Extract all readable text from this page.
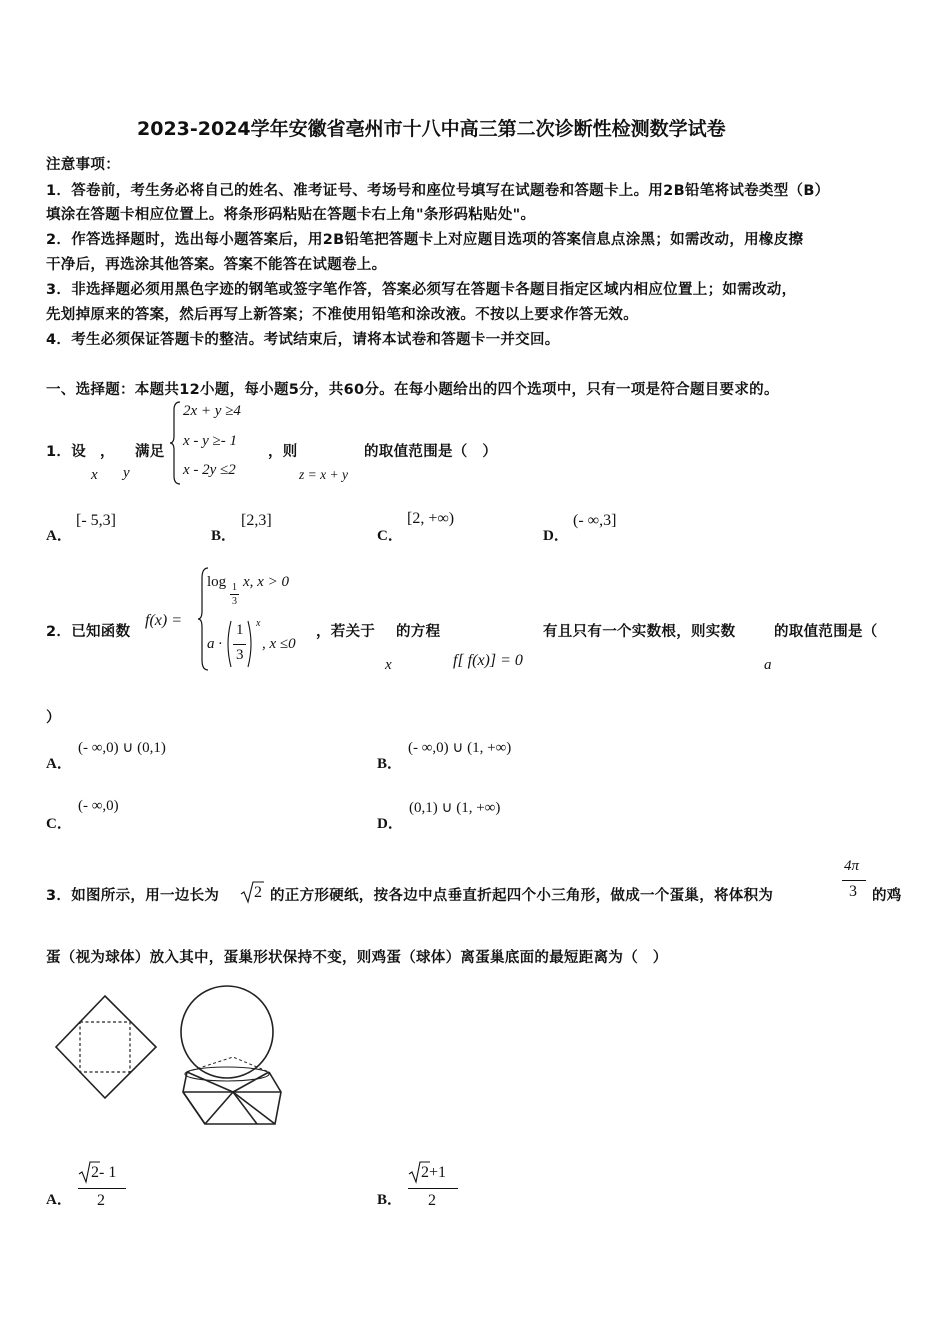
2023-2024学年安徽省亳州市十八中高三第二次诊断性检测数学试卷
注意事项：
1．答卷前，考生务必将自己的姓名、准考证号、考场号和座位号填写在试题卷和答题卡上。用2B铅笔将试卷类型（B）
填涂在答题卡相应位置上。将条形码粘贴在答题卡右上角"条形码粘贴处"。
2．作答选择题时，选出每小题答案后，用2B铅笔把答题卡上对应题目选项的答案信息点涂黑；如需改动，用橡皮擦
干净后，再选涂其他答案。答案不能答在试题卷上。
3．非选择题必须用黑色字迹的钢笔或签字笔作答，答案必须写在答题卡各题目指定区域内相应位置上；如需改动，
先划掉原来的答案，然后再写上新答案；不准使用铅笔和涂改液。不按以上要求作答无效。
4．考生必须保证答题卡的整洁。考试结束后，请将本试卷和答题卡一并交回。
一、选择题：本题共12小题，每小题5分，共60分。在每小题给出的四个选项中，只有一项是符合题目要求的。
1．设 ， 满足
x y
2x + y ≥4
x - y ≥- 1
x - 2y ≤2
，则
z = x + y
的取值范围是（　）
A．
[- 5,3]
B．
[2,3]
C．
[2, +∞)
D．
(- ∞,3]
2．已知函数
f(x) =
log 1
3
x, x > 0
a ·
1
3
x
, x ≤0
，若关于 的方程	有且只有一个实数根，则实数	的取值范围是（
x	f[ f(x)] = 0	a
）
A．
(- ∞,0) ∪ (0,1)
B．
(- ∞,0) ∪ (1, +∞)
C．
(- ∞,0)
D．
(0,1) ∪ (1, +∞)
3．如图所示，用一边长为 2 的正方形硬纸，按各边中点垂直折起四个小三角形，做成一个蛋巢，将体积为
4π
3 的鸡
蛋（视为球体）放入其中，蛋巢形状保持不变，则鸡蛋（球体）离蛋巢底面的最短距离为（　）
A．
2 - 1
2	B．
2 +1
2
